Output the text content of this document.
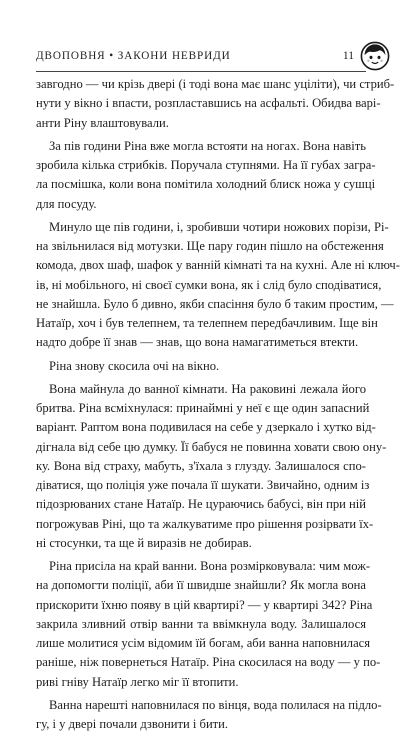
ДВОПОВНЯ • ЗАКОНИ НЕВРИДИ	11
завгодно — чи крізь двері (і тоді вона має шанс уціліти), чи стриб-
нути у вікно і впасти, розпластавшись на асфальті. Обидва варі-
анти Ріну влаштовували.
За пів години Ріна вже могла встояти на ногах. Вона навіть
зробила кілька стрибків. Поручала ступнями. На її губах загра-
ла посмішка, коли вона помітила холодний блиск ножа у сушці
для посуду.
Минуло ще пів години, і, зробивши чотири ножових порізи, Рі-
на звільнилася від мотузки. Ще пару годин пішло на обстеження
комода, двох шаф, шафок у ванній кімнаті та на кухні. Але ні ключ-
ів, ні мобільного, ні своєї сумки вона, як і слід було сподіватися,
не знайшла. Було б дивно, якби спасіння було б таким простим, —
Натаїр, хоч і був телепнем, та телепнем передбачливим. Іще він
надто добре її знав — знав, що вона намагатиметься втекти.
Ріна знову скосила очі на вікно.
Вона майнула до ванної кімнати. На раковині лежала його
бритва. Ріна всміхнулася: принаймні у неї є ще один запасний
варіант. Раптом вона подивилася на себе у дзеркало і хутко від-
дігнала від себе цю думку. Її бабуся не повинна ховати свою ону-
ку. Вона від страху, мабуть, з'їхала з глузду. Залишалося спо-
діватися, що поліція уже почала її шукати. Звичайно, одним із
підозрюваних стане Натаїр. Не цураючись бабусі, він при ній
погрожував Ріні, що та жалкуватиме про рішення розірвати їх-
ні стосунки, та ще й виразів не добирав.
Ріна присіла на край ванни. Вона розмірковувала: чим мож-
на допомогти поліції, аби її швидше знайшли? Як могла вона
прискорити їхню появу в цій квартирі? — у квартирі 342? Ріна
закрила зливний отвір ванни та ввімкнула воду. Залишалося
лише молитися усім відомим їй богам, аби ванна наповнилася
раніше, ніж повернеться Натаїр. Ріна скосилася на воду — у по-
риві гніву Натаїр легко міг її втопити.
Ванна нарешті наповнилася по вінця, вода полилася на підло-
гу, і у двері почали дзвонити і бити.
